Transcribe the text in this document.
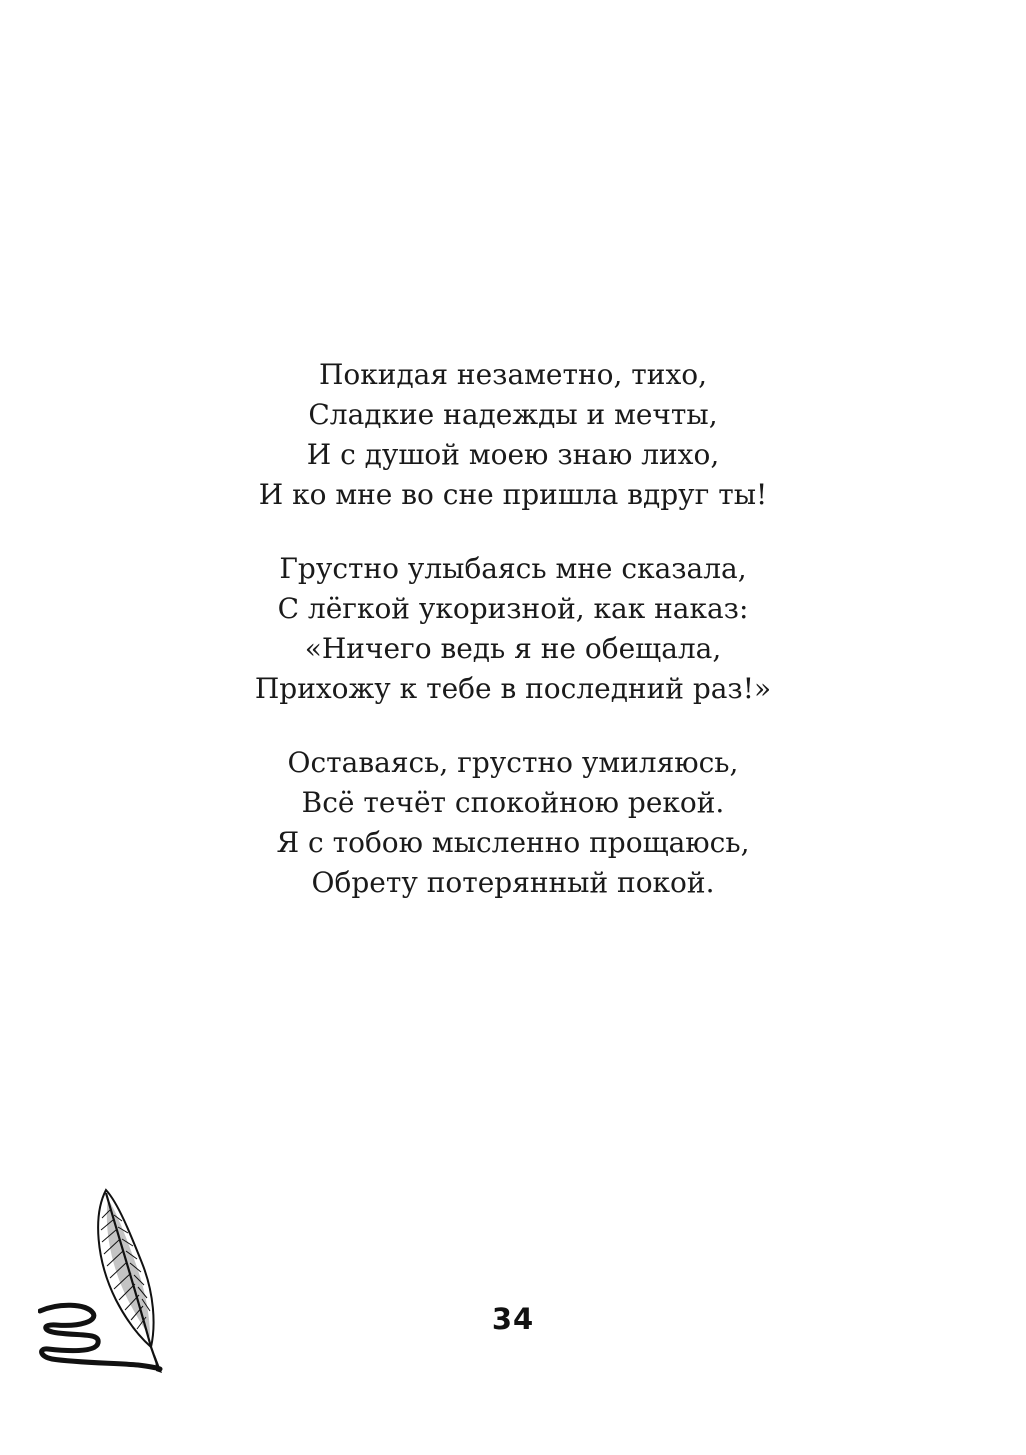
Покидая незаметно, тихо,
Сладкие надежды и мечты,
И с душой моею знаю лихо,
И ко мне во сне пришла вдруг ты!
Грустно улыбаясь мне сказала,
С лёгкой укоризной, как наказ:
«Ничего ведь я не обещала,
Прихожу к тебе в последний раз!»
Оставаясь, грустно умиляюсь,
Всё течёт спокойною рекой.
Я с тобою мысленно прощаюсь,
Обрету потерянный покой.
34
